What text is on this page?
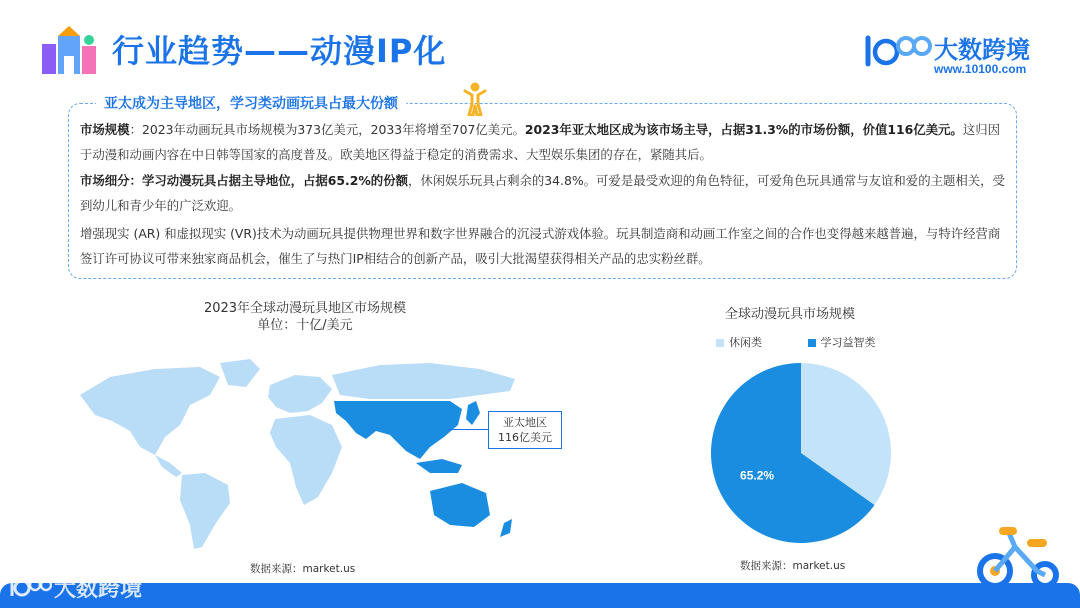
行业趋势——动漫IP化	大数跨境
www.10100.com
亚太成为主导地区，学习类动画玩具占最大份额
市场规模：2023年动画玩具市场规模为373亿美元，2033年将增至707亿美元。2023年亚太地区成为该市场主导，占据31.3%的市场份额，价值116亿美元。这归因于动漫和动画内容在中日韩等国家的高度普及。欧美地区得益于稳定的消费需求、大型娱乐集团的存在，紧随其后。
市场细分：学习动漫玩具占据主导地位，占据65.2%的份额，休闲娱乐玩具占剩余的34.8%。可爱是最受欢迎的角色特征，可爱角色玩具通常与友谊和爱的主题相关，受到幼儿和青少年的广泛欢迎。
增强现实 (AR) 和虚拟现实 (VR)技术为动画玩具提供物理世界和数字世界融合的沉浸式游戏体验。玩具制造商和动画工作室之间的合作也变得越来越普遍，与特许经营商签订许可协议可带来独家商品机会，催生了与热门IP相结合的创新产品，吸引大批渴望获得相关产品的忠实粉丝群。
2023年全球动漫玩具地区市场规模
单位：十亿/美元
亚太地区
116亿美元
数据来源：market.us
全球动漫玩具市场规模
休闲类	学习益智类
65.2%
数据来源：market.us
大数跨境
